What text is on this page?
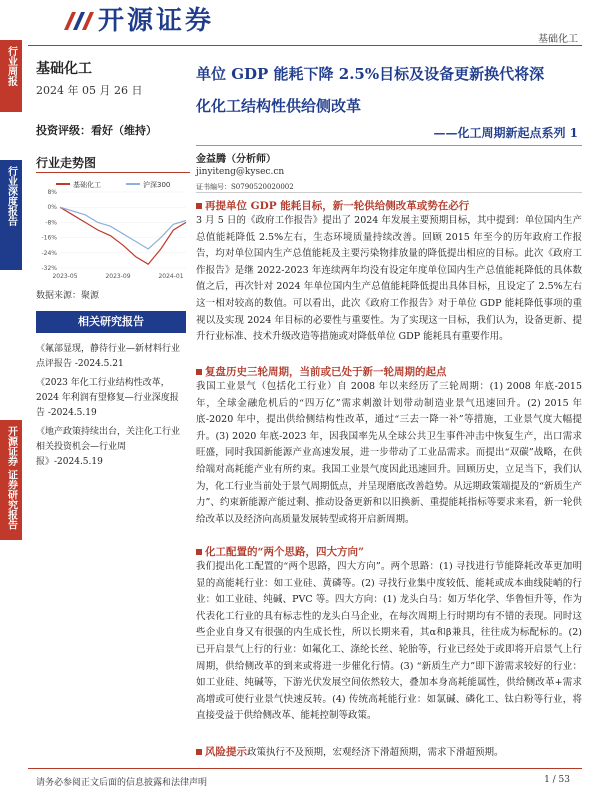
开源证券
基础化工
行业周报
行业深度报告
开源证券 证券研究报告
基础化工
2024 年 05 月 26 日
投资评级：看好（维持）
行业走势图
基础化工	沪深300
2023-05	2023-09	2024-01
8%
0%
-8%
-16%
-24%
-32%
数据来源：聚源
相关研究报告
《氟部显现，静待行业—新材料行业点评报告 -2024.5.21
《2023 年化工行业结构性改革，2024 年利润有望修复—行业深度报告 -2024.5.19
《地产政策持续出台，关注化工行业相关投资机会—行业周报》-2024.5.19
单位 GDP 能耗下降 2.5%目标及设备更新换代将深
化化工结构性供给侧改革
——化工周期新起点系列 1
金益腾（分析师）
jinyiteng@kysec.cn
证书编号：S0790520020002
再提单位 GDP 能耗目标，新一轮供给侧改革或势在必行
3 月 5 日的《政府工作报告》提出了 2024 年发展主要预期目标，其中提到：单位国内生产总值能耗降低 2.5%左右，生态环境质量持续改善。回顾 2015 年至今的历年政府工作报告，均对单位国内生产总值能耗及主要污染物排放量的降低提出相应的目标。此次《政府工作报告》是继 2022-2023 年连续两年均没有设定年度单位国内生产总值能耗降低的具体数值之后，再次针对 2024 年单位国内生产总值能耗降低提出具体目标，且设定了 2.5%左右这一相对较高的数值。可以看出，此次《政府工作报告》对于单位 GDP 能耗降低事项的重视以及实现 2024 年目标的必要性与重要性。为了实现这一目标，我们认为，设备更新、提升行业标准、技术升级改造等措施或对降低单位 GDP 能耗具有重要作用。
复盘历史三轮周期，当前或已处于新一轮周期的起点
我国工业景气（包括化工行业）自 2008 年以来经历了三轮周期：(1) 2008 年底-2015 年，全球金融危机后的“四万亿”需求刺激计划带动制造业景气迅速回升。(2) 2015 年底-2020 年中，提出供给侧结构性改革，通过“三去一降一补”等措施，工业景气度大幅提升。(3) 2020 年底-2023 年，因我国率先从全球公共卫生事件冲击中恢复生产，出口需求旺盛，同时我国新能源产业高速发展，进一步带动了工业品需求。而提出“双碳”战略，在供给端对高耗能产业有所约束。我国工业景气度因此迅速回升。回顾历史，立足当下，我们认为，化工行业当前处于景气周期低点，并呈现磨底改善趋势。从远期政策端提及的“新质生产力”、约束新能源产能过剩、推动设备更新和以旧换新、重提能耗指标等要求来看，新一轮供给改革以及经济向高质量发展转型或将开启新周期。
化工配置的“两个思路，四大方向”
我们提出化工配置的“两个思路，四大方向”。两个思路：(1) 寻找进行节能降耗改革更加明显的高能耗行业：如工业硅、黄磷等。(2) 寻找行业集中度较低、能耗或成本曲线陡峭的行业：如工业硅、纯碱、PVC 等。四大方向：(1) 龙头白马：如万华化学、华鲁恒升等，作为代表化工行业的具有标志性的龙头白马企业，在每次周期上行时期均有不错的表现。同时这些企业自身又有很强的内生成长性，所以长期来看，其α和β兼具，往往成为标配标的。(2) 已开启景气上行的行业：如氟化工、涤纶长丝、轮胎等，行业已经处于或即将开启景气上行周期，供给侧改革的到来或将进一步催化行情。(3) “新质生产力”即下游需求较好的行业：如工业硅、纯碱等，下游光伏发展空间依然较大，叠加本身高耗能属性，供给侧改革+需求高增或可使行业景气快速反转。(4) 传统高耗能行业：如氯碱、磷化工、钛白粉等行业，将直接受益于供给侧改革、能耗控制等政策。
风险提示政策执行不及预期，宏观经济下滑超预期，需求下滑超预期。
请务必参阅正文后面的信息披露和法律声明	1 / 53
